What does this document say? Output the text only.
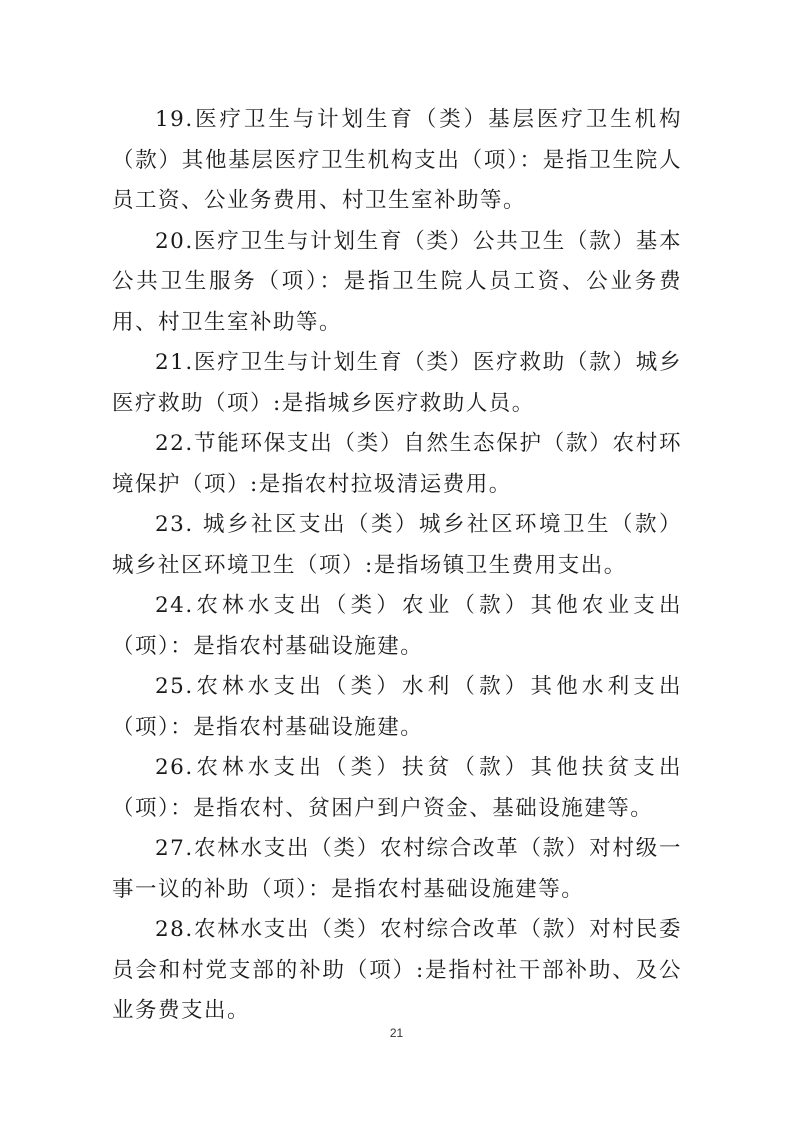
19.医疗卫生与计划生育（类）基层医疗卫生机构（款）其他基层医疗卫生机构支出（项）：是指卫生院人员工资、公业务费用、村卫生室补助等。

20.医疗卫生与计划生育（类）公共卫生（款）基本公共卫生服务（项）：是指卫生院人员工资、公业务费用、村卫生室补助等。

21.医疗卫生与计划生育（类）医疗救助（款）城乡医疗救助（项）:是指城乡医疗救助人员。

22.节能环保支出（类）自然生态保护（款）农村环境保护（项）:是指农村拉圾清运费用。

23. 城乡社区支出（类）城乡社区环境卫生（款）城乡社区环境卫生（项）:是指场镇卫生费用支出。

24.农林水支出（类）农业（款）其他农业支出（项）：是指农村基础设施建。

25.农林水支出（类）水利（款）其他水利支出（项）：是指农村基础设施建。

26.农林水支出（类）扶贫（款）其他扶贫支出（项）：是指农村、贫困户到户资金、基础设施建等。

27.农林水支出（类）农村综合改革（款）对村级一事一议的补助（项）：是指农村基础设施建等。

28.农林水支出（类）农村综合改革（款）对村民委员会和村党支部的补助（项）:是指村社干部补助、及公业务费支出。

21
